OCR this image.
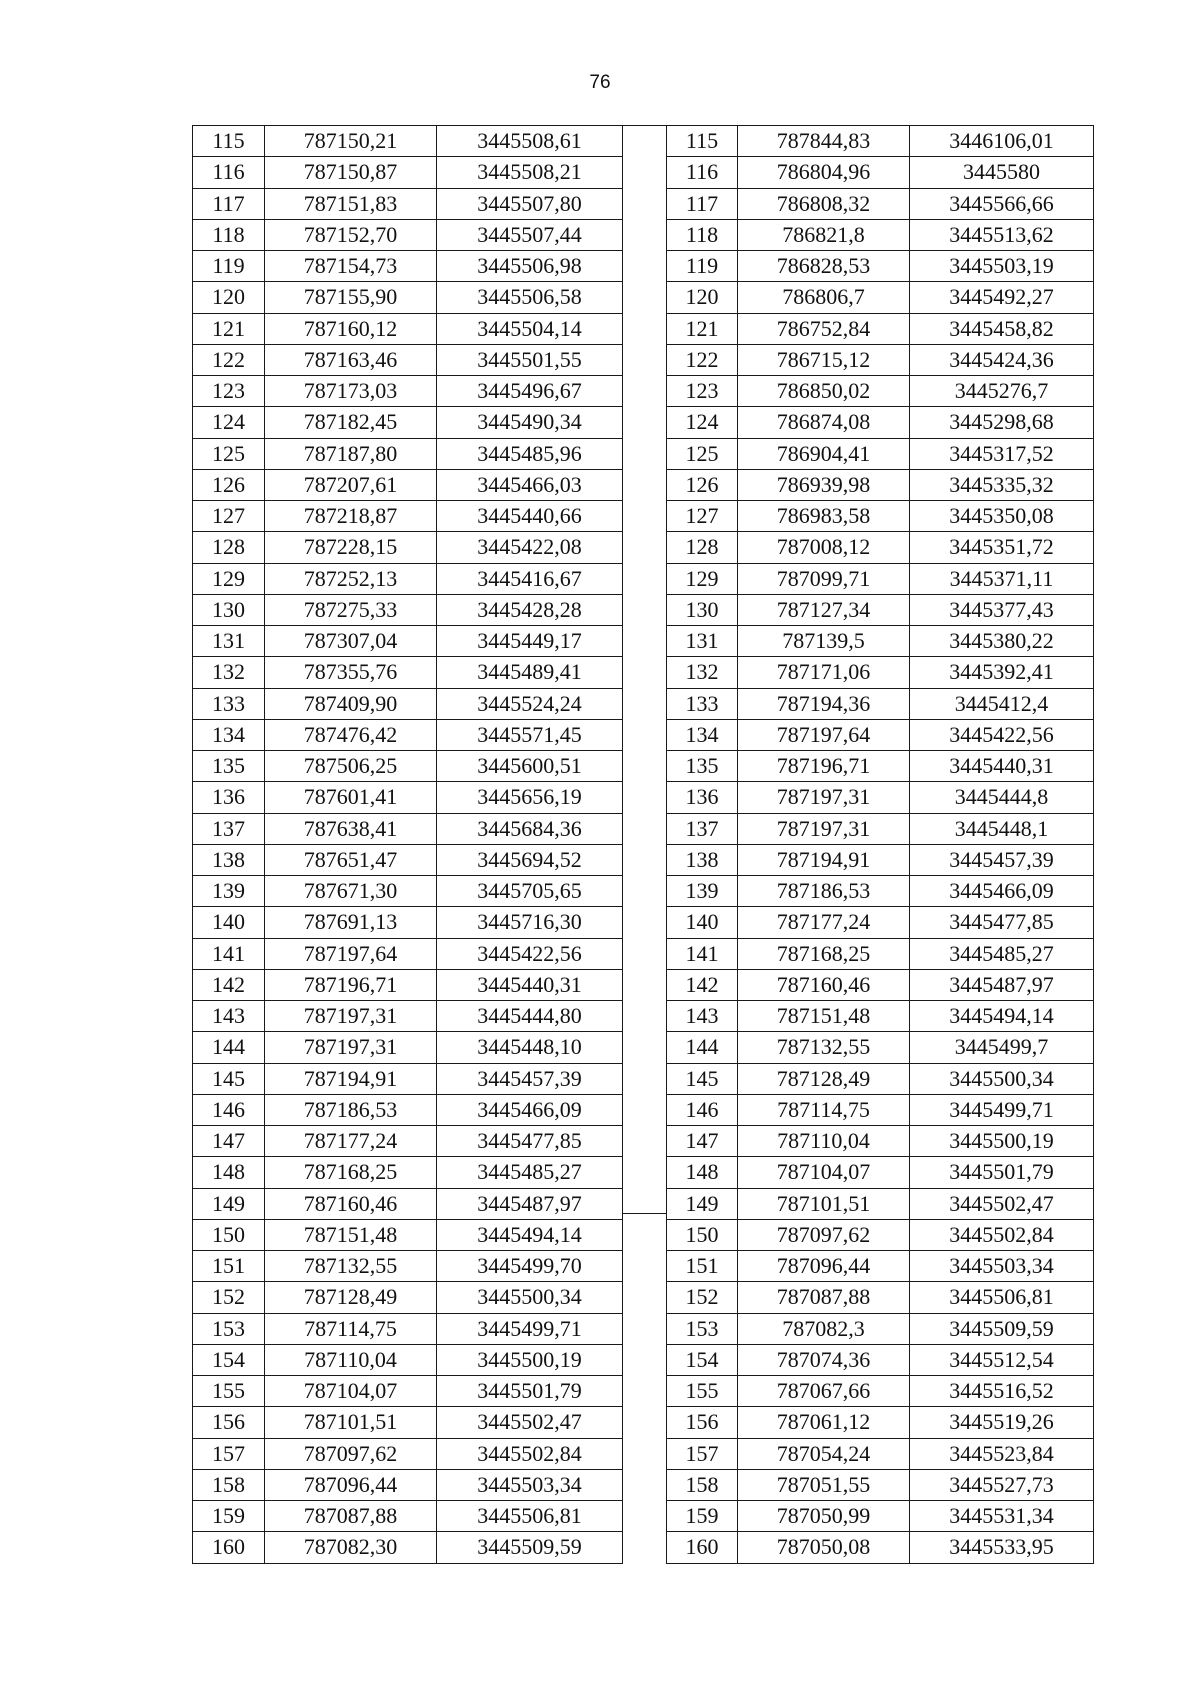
76
115	787150,21	3445508,61
116	787150,87	3445508,21
117	787151,83	3445507,80
118	787152,70	3445507,44
119	787154,73	3445506,98
120	787155,90	3445506,58
121	787160,12	3445504,14
122	787163,46	3445501,55
123	787173,03	3445496,67
124	787182,45	3445490,34
125	787187,80	3445485,96
126	787207,61	3445466,03
127	787218,87	3445440,66
128	787228,15	3445422,08
129	787252,13	3445416,67
130	787275,33	3445428,28
131	787307,04	3445449,17
132	787355,76	3445489,41
133	787409,90	3445524,24
134	787476,42	3445571,45
135	787506,25	3445600,51
136	787601,41	3445656,19
137	787638,41	3445684,36
138	787651,47	3445694,52
139	787671,30	3445705,65
140	787691,13	3445716,30
141	787197,64	3445422,56
142	787196,71	3445440,31
143	787197,31	3445444,80
144	787197,31	3445448,10
145	787194,91	3445457,39
146	787186,53	3445466,09
147	787177,24	3445477,85
148	787168,25	3445485,27
149	787160,46	3445487,97
150	787151,48	3445494,14
151	787132,55	3445499,70
152	787128,49	3445500,34
153	787114,75	3445499,71
154	787110,04	3445500,19
155	787104,07	3445501,79
156	787101,51	3445502,47
157	787097,62	3445502,84
158	787096,44	3445503,34
159	787087,88	3445506,81
160	787082,30	3445509,59
115	787844,83	3446106,01
116	786804,96	3445580
117	786808,32	3445566,66
118	786821,8	3445513,62
119	786828,53	3445503,19
120	786806,7	3445492,27
121	786752,84	3445458,82
122	786715,12	3445424,36
123	786850,02	3445276,7
124	786874,08	3445298,68
125	786904,41	3445317,52
126	786939,98	3445335,32
127	786983,58	3445350,08
128	787008,12	3445351,72
129	787099,71	3445371,11
130	787127,34	3445377,43
131	787139,5	3445380,22
132	787171,06	3445392,41
133	787194,36	3445412,4
134	787197,64	3445422,56
135	787196,71	3445440,31
136	787197,31	3445444,8
137	787197,31	3445448,1
138	787194,91	3445457,39
139	787186,53	3445466,09
140	787177,24	3445477,85
141	787168,25	3445485,27
142	787160,46	3445487,97
143	787151,48	3445494,14
144	787132,55	3445499,7
145	787128,49	3445500,34
146	787114,75	3445499,71
147	787110,04	3445500,19
148	787104,07	3445501,79
149	787101,51	3445502,47
150	787097,62	3445502,84
151	787096,44	3445503,34
152	787087,88	3445506,81
153	787082,3	3445509,59
154	787074,36	3445512,54
155	787067,66	3445516,52
156	787061,12	3445519,26
157	787054,24	3445523,84
158	787051,55	3445527,73
159	787050,99	3445531,34
160	787050,08	3445533,95
